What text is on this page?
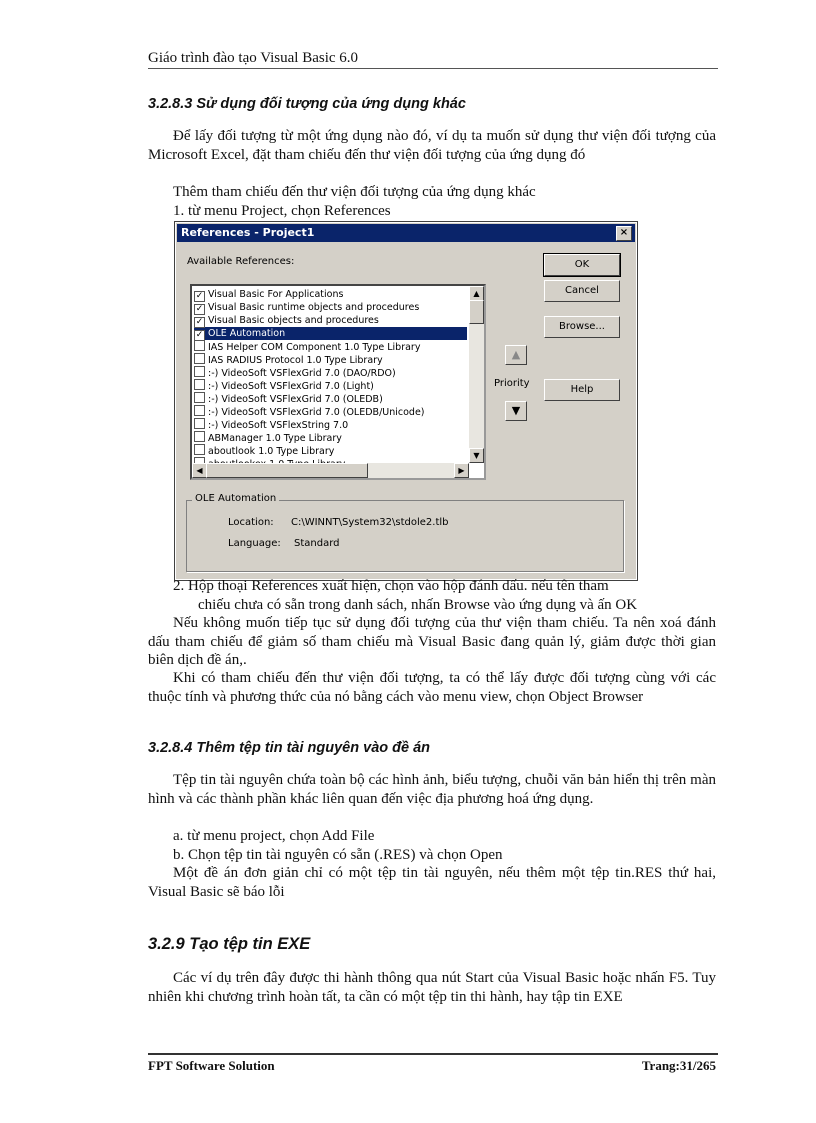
Giáo trình đào tạo Visual Basic 6.0
3.2.8.3 Sử dụng đối tượng của ứng dụng khác

Để lấy đối tượng từ một ứng dụng nào đó, ví dụ ta muốn sử dụng thư viện đối tượng của Microsoft Excel, đặt tham chiếu đến thư viện đối tượng của ứng dụng đó

Thêm tham chiếu đến thư viện đối tượng của ứng dụng khác
1. từ menu Project, chọn References
References - Project1	×
Available References:
aboutlook 1.0 Type Library
ABManager 1.0 Type Library
:-) VideoSoft VSFlexString 7.0
:-) VideoSoft VSFlexGrid 7.0 (OLEDB/Unicode)
:-) VideoSoft VSFlexGrid 7.0 (OLEDB)
:-) VideoSoft VSFlexGrid 7.0 (Light)
:-) VideoSoft VSFlexGrid 7.0 (DAO/RDO)
IAS RADIUS Protocol 1.0 Type Library
IAS Helper COM Component 1.0 Type Library
✓ OLE Automation
✓ Visual Basic objects and procedures
✓ Visual Basic runtime objects and procedures
✓ Visual Basic For Applications	▲
▼
◀	▶
OK
Cancel
Browse...
Help
▲
Priority
▼
OLE Automation
Location: C:\WINNT\System32\stdole2.tlb
Language: Standard
2. Hộp thoại References xuất hiện, chọn vào hộp đánh dấu. nếu tên tham
chiếu chưa có sẵn trong danh sách, nhấn Browse vào ứng dụng và ấn OK

Nếu không muốn tiếp tục sử dụng đối tượng của thư viện tham chiếu. Ta nên xoá đánh dấu tham chiếu để giảm số tham chiếu mà Visual Basic đang quản lý, giảm được thời gian biên dịch đề án,.

Khi có tham chiếu đến thư viện đối tượng, ta có thể lấy được đối tượng cùng với các thuộc tính và phương thức của nó bằng cách vào menu view, chọn Object Browser

3.2.8.4 Thêm tệp tin tài nguyên vào đề án

Tệp tin tài nguyên chứa toàn bộ các hình ảnh, biểu tượng, chuỗi văn bản hiển thị trên màn hình và các thành phần khác liên quan đến việc địa phương hoá ứng dụng.

a. từ menu project, chọn Add File
b. Chọn tệp tin tài nguyên có sẵn (.RES) và chọn Open

Một đề án đơn giản chỉ có một tệp tin tài nguyên, nếu thêm một tệp tin.RES thứ hai, Visual Basic sẽ báo lỗi

3.2.9 Tạo tệp tin EXE

Các ví dụ trên đây được thi hành thông qua nút Start của Visual Basic hoặc nhấn F5. Tuy nhiên khi chương trình hoàn tất, ta cần có một tệp tin thi hành, hay tập tin EXE

FPT Software Solution	Trang:31/265
